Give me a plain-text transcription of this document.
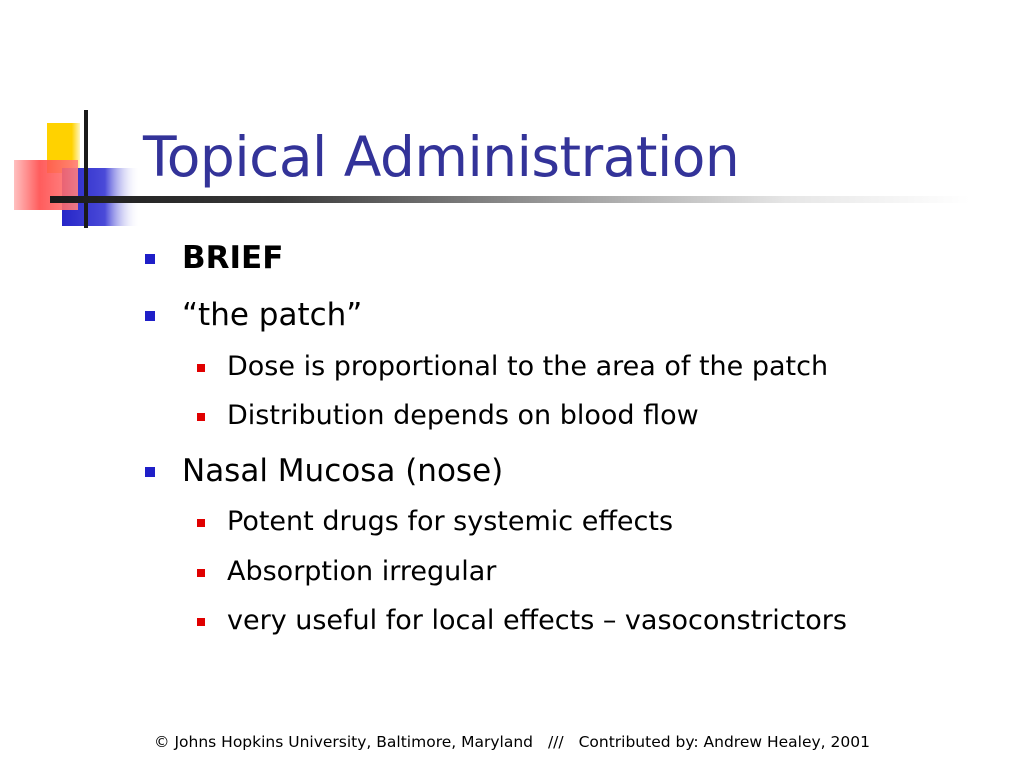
Topical Administration
BRIEF
“the patch”
Dose is proportional to the area of the patch
Distribution depends on blood flow
Nasal Mucosa (nose)
Potent drugs for systemic effects
Absorption irregular
very useful for local effects – vasoconstrictors
© Johns Hopkins University, Baltimore, Maryland /// Contributed by: Andrew Healey, 2001
